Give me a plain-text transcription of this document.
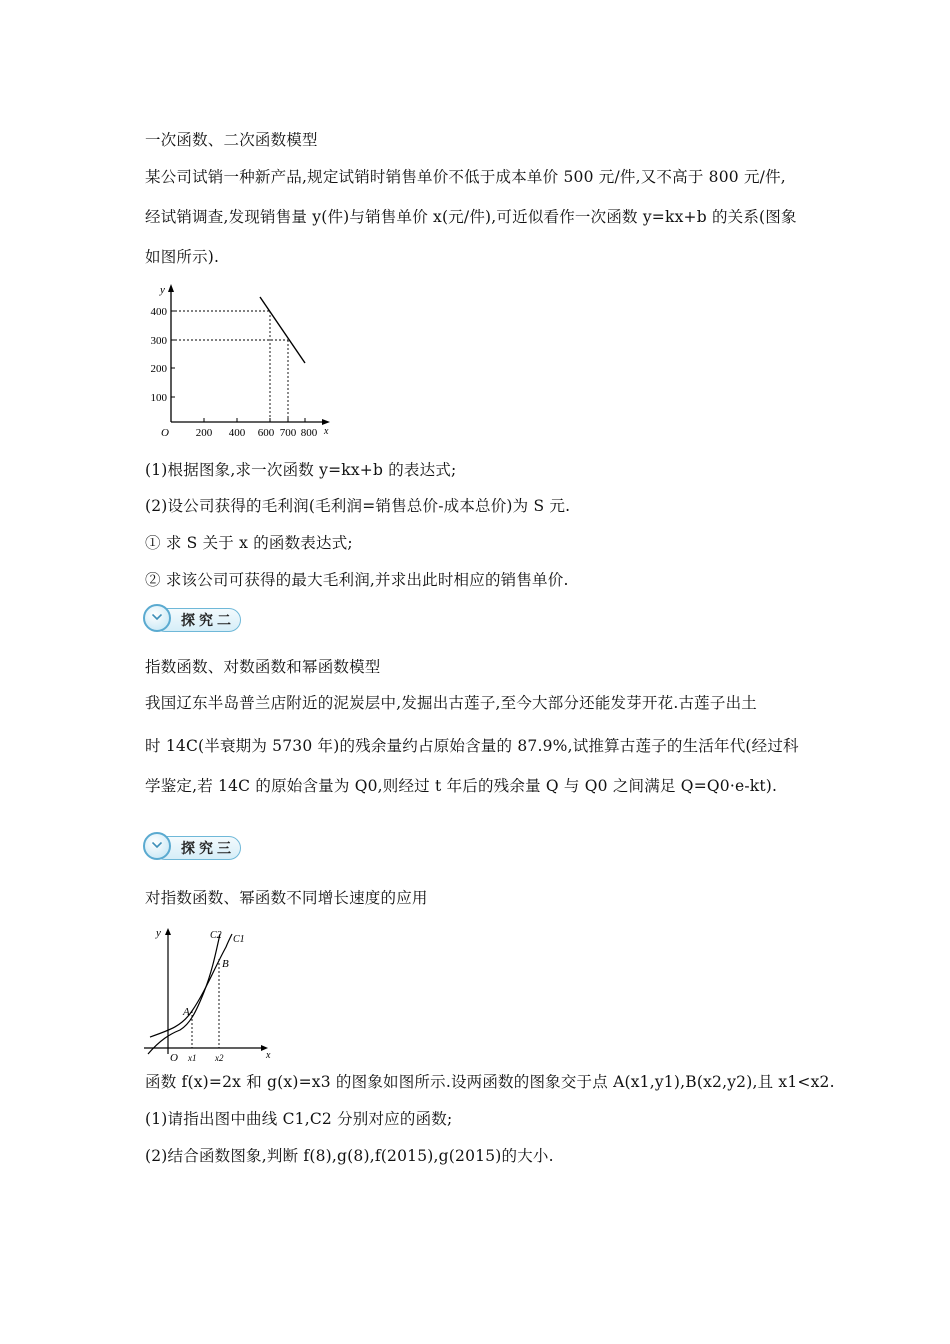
一次函数、二次函数模型
某公司试销一种新产品,规定试销时销售单价不低于成本单价 500 元/件,又不高于 800 元/件,
经试销调查,发现销售量 y(件)与销售单价 x(元/件),可近似看作一次函数 y=kx+b 的关系(图象
如图所示).
y
400
300
200
100
O 200 400 600 700 800 x
(1)根据图象,求一次函数 y=kx+b 的表达式;
(2)设公司获得的毛利润(毛利润=销售总价-成本总价)为 S 元.
① 求 S 关于 x 的函数表达式;
② 求该公司可获得的最大毛利润,并求出此时相应的销售单价.
探究二
指数函数、对数函数和幂函数模型
我国辽东半岛普兰店附近的泥炭层中,发掘出古莲子,至今大部分还能发芽开花.古莲子出土
时 14C(半衰期为 5730 年)的残余量约占原始含量的 87.9%,试推算古莲子的生活年代(经过科
学鉴定,若 14C 的原始含量为 Q0,则经过 t 年后的残余量 Q 与 Q0 之间满足 Q=Q0·e-kt).
探究三
对指数函数、幂函数不同增长速度的应用
y	C2 C1
B
A
O x1 x2	x
函数 f(x)=2x 和 g(x)=x3 的图象如图所示.设两函数的图象交于点 A(x1,y1),B(x2,y2),且 x1<x2.
(1)请指出图中曲线 C1,C2 分别对应的函数;
(2)结合函数图象,判断 f(8),g(8),f(2015),g(2015)的大小.
